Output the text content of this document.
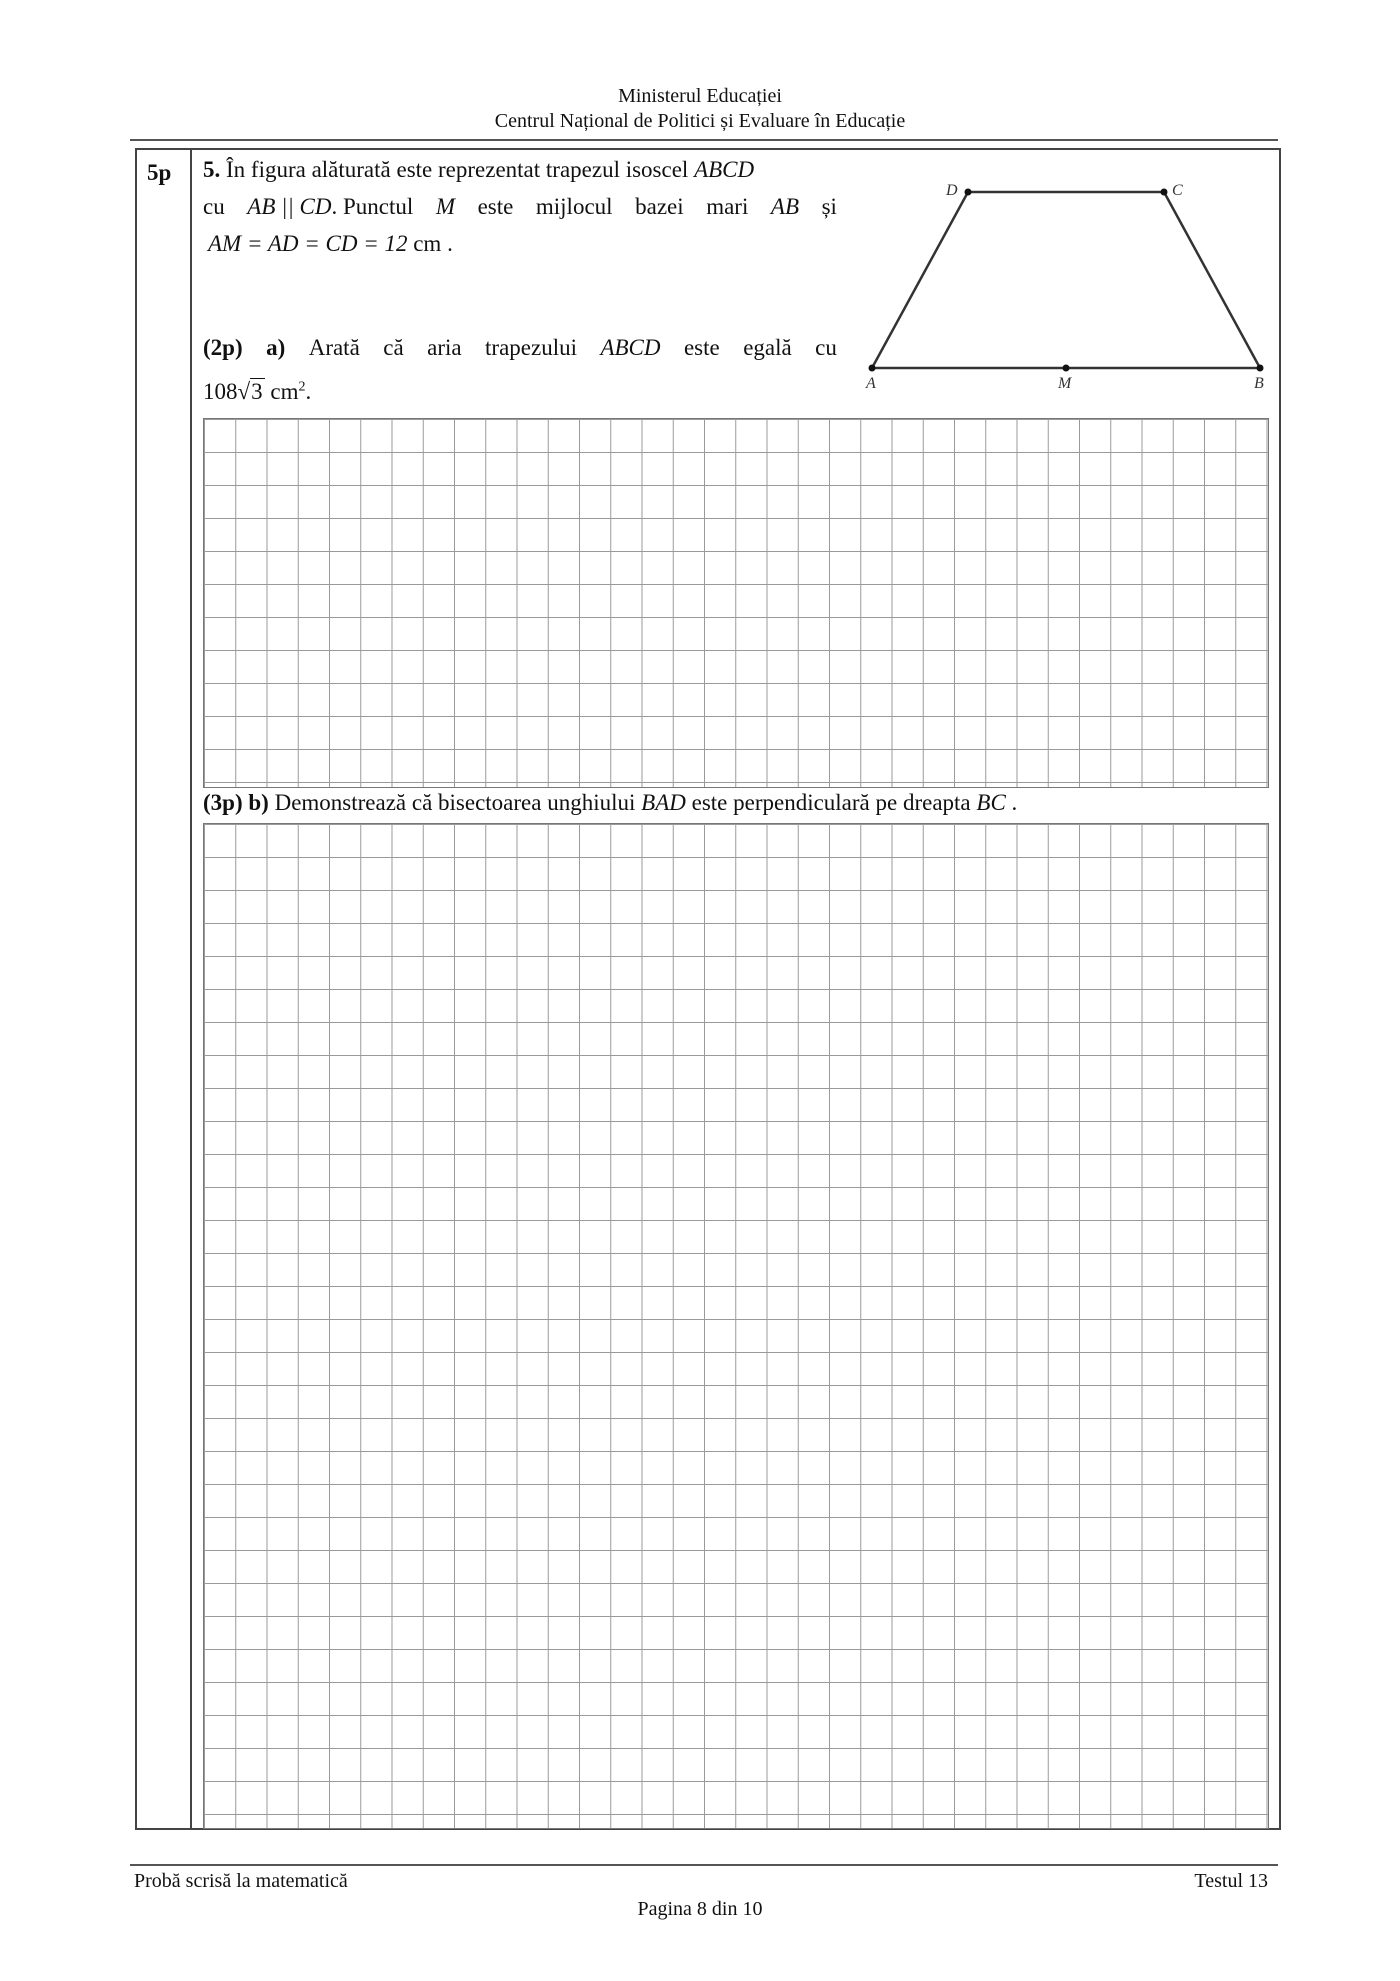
Ministerul Educației
Centrul Național de Politici și Evaluare în Educație
5p 5. În figura alăturată este reprezentat trapezul isoscel ABCD
cu AB || CD. Punctul M este mijlocul bazei mari AB și
AM = AD = CD = 12 cm .
(2p) a) Arată că aria trapezului ABCD este egală cu
108√3 $cm^2$.	A	B
C
D
M
(3p) b) Demonstrează că bisectoarea unghiului BAD este perpendiculară pe dreapta BC .
Probă scrisă la matematică	Testul 13
Pagina 8 din 10
